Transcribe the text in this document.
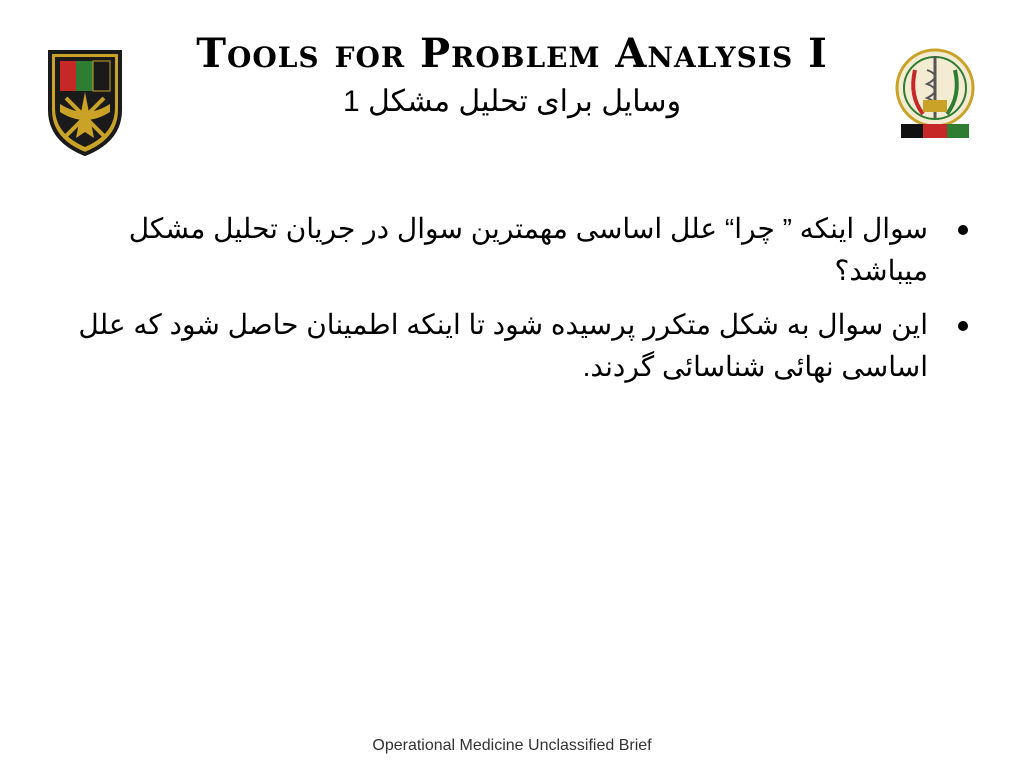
Tools for Problem Analysis I
وسایل برای تحلیل مشکل 1
سوال اینکه ” چرا“ علل اساسی مهمترین سوال در جریان تحلیل مشکل میباشد؟
این سوال به شکل متکرر پرسیده شود تا اینکه اطمینان حاصل شود که علل اساسی نهائی شناسائی گردند.
Operational Medicine Unclassified Brief
